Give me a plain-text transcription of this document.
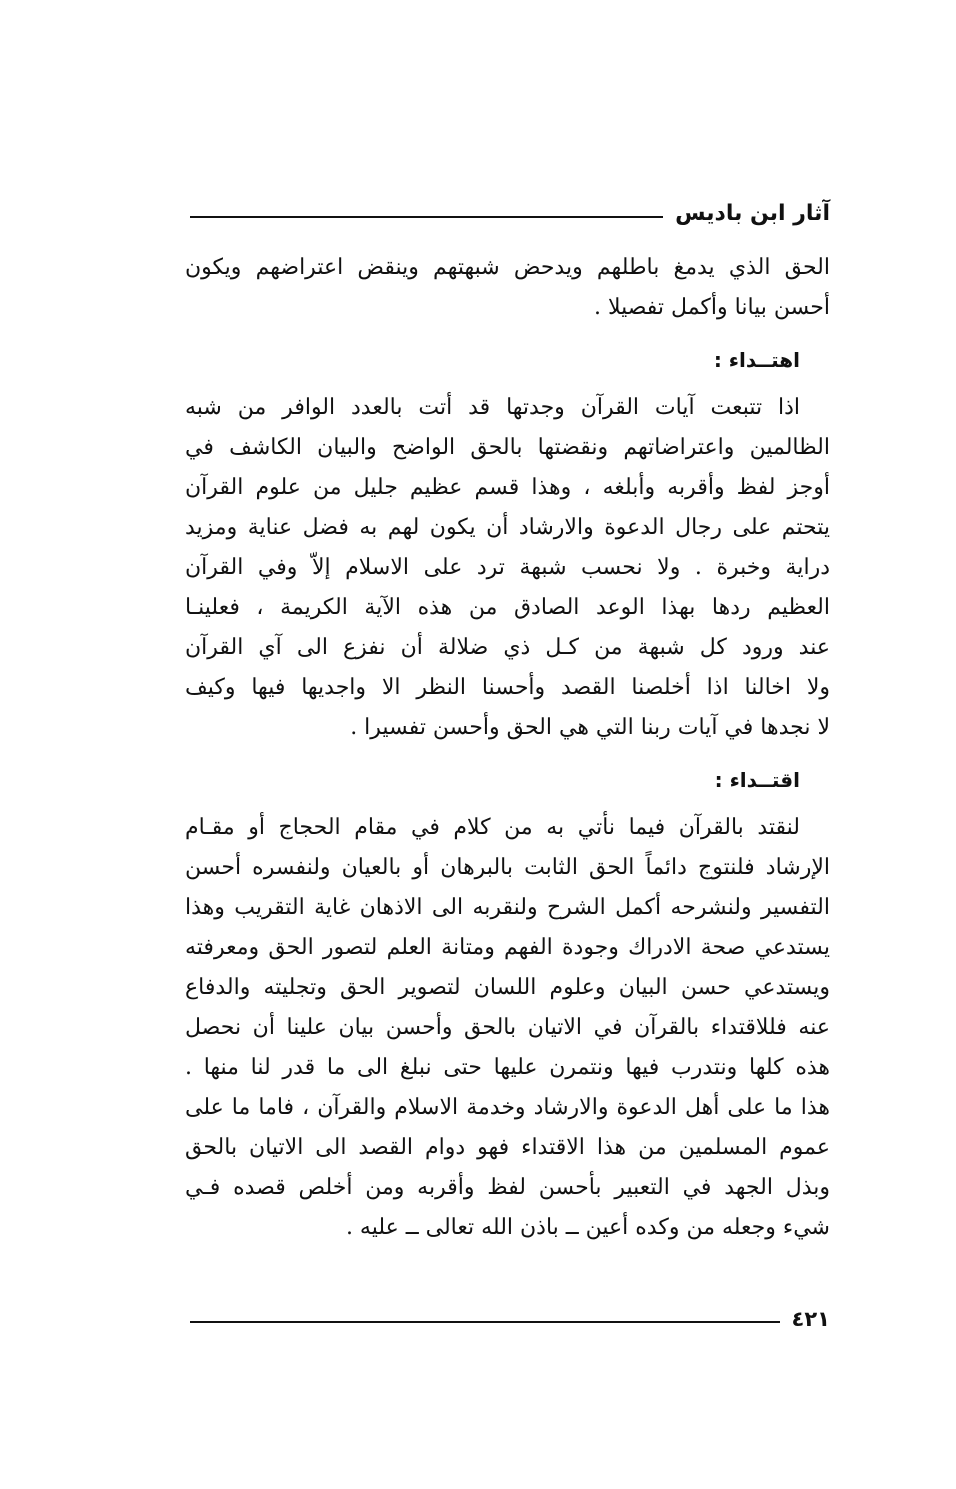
آثار ابن باديس
الحق الذي يدمغ باطلهم ويدحض شبهتهم وينقض اعتراضهم ويكون
أحسن بيانا وأكمل تفصيلا .
اهتــداء :
اذا تتبعت آيات القرآن وجدتها قد أتت بالعدد الوافر من شبه
الظالمين واعتراضاتهم ونقضتها بالحق الواضح والبيان الكاشف في
أوجز لفظ وأقربه وأبلغه ، وهذا قسم عظيم جليل من علوم القرآن
يتحتم على رجال الدعوة والارشاد أن يكون لهم به فضل عناية ومزيد
دراية وخبرة . ولا نحسب شبهة ترد على الاسلام إلاّ وفي القرآن
العظيم ردها بهذا الوعد الصادق من هذه الآية الكريمة ، فعلينـا
عند ورود كل شبهة من كـل ذي ضلالة أن نفزع الى آي القرآن
ولا اخالنا اذا أخلصنا القصد وأحسنا النظر الا واجديها فيها وكيف
لا نجدها في آيات ربنا التي هي الحق وأحسن تفسيرا .
اقتــداء :
لنقتد بالقرآن فيما نأتي به من كلام في مقام الحجاج أو مقـام
الإرشاد فلنتوج دائماً الحق الثابت بالبرهان أو بالعيان ولنفسره أحسن
التفسير ولنشرحه أكمل الشرح ولنقربه الى الاذهان غاية التقريب وهذا
يستدعي صحة الادراك وجودة الفهم ومتانة العلم لتصور الحق ومعرفته
ويستدعي حسن البيان وعلوم اللسان لتصوير الحق وتجليته والدفاع
عنه فللاقتداء بالقرآن في الاتيان بالحق وأحسن بيان علينا أن نحصل
هذه كلها ونتدرب فيها ونتمرن عليها حتى نبلغ الى ما قدر لنا منها .
هذا ما على أهل الدعوة والارشاد وخدمة الاسلام والقرآن ، فاما ما على
عموم المسلمين من هذا الاقتداء فهو دوام القصد الى الاتيان بالحق
وبذل الجهد في التعبير بأحسن لفظ وأقربه ومن أخلص قصده فـي
شيء وجعله من وكده أعين ــ باذن الله تعالى ــ عليه .
٤٢١
